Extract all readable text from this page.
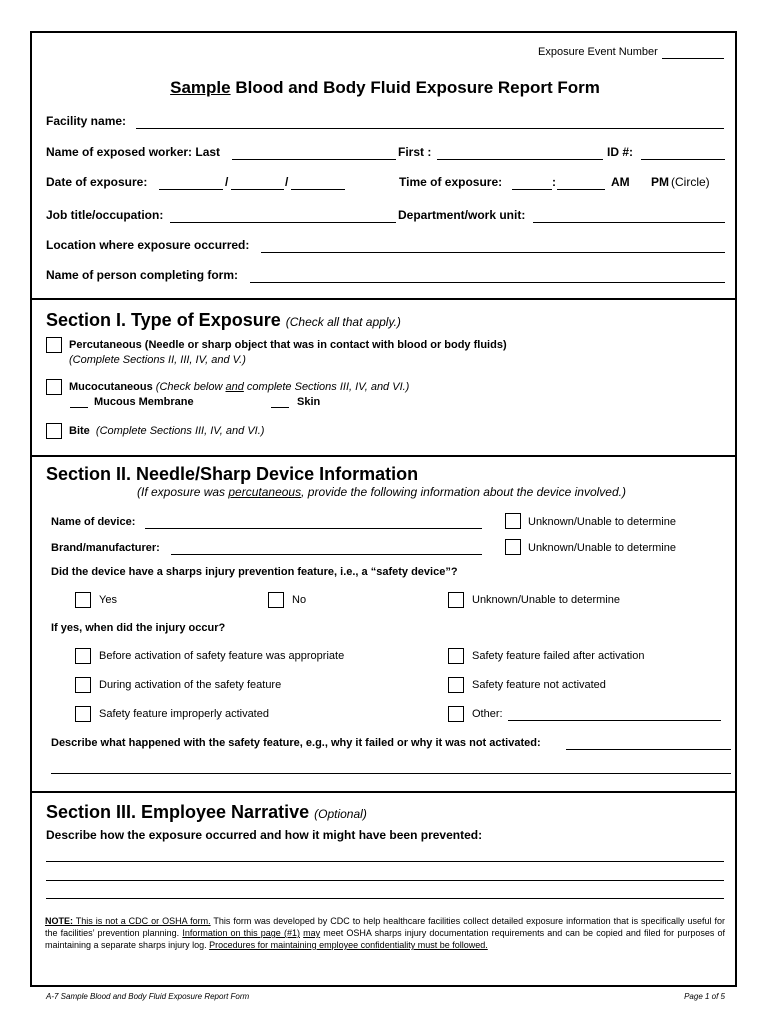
Exposure Event Number
Sample Blood and Body Fluid Exposure Report Form
Facility name:
Name of exposed worker: Last	First :	ID #:
Date of exposure:	/	/	Time of exposure:	:	AM PM (Circle)
Job title/occupation:	Department/work unit:
Location where exposure occurred:
Name of person completing form:
Section I. Type of Exposure (Check all that apply.)
Percutaneous (Needle or sharp object that was in contact with blood or body fluids)
(Complete Sections II, III, IV, and V.)
Mucocutaneous (Check below and complete Sections III, IV, and VI.)
Mucous Membrane	Skin
Bite (Complete Sections III, IV, and VI.)
Section II. Needle/Sharp Device Information
(If exposure was percutaneous, provide the following information about the device involved.)
Name of device:	Unknown/Unable to determine
Brand/manufacturer:	Unknown/Unable to determine
Did the device have a sharps injury prevention feature, i.e., a “safety device”?
Yes	No	Unknown/Unable to determine
If yes, when did the injury occur?
Before activation of safety feature was appropriate	Safety feature failed after activation
During activation of the safety feature	Safety feature not activated
Safety feature improperly activated	Other:
Describe what happened with the safety feature, e.g., why it failed or why it was not activated:
Section III. Employee Narrative (Optional)
Describe how the exposure occurred and how it might have been prevented:
NOTE: This is not a CDC or OSHA form. This form was developed by CDC to help healthcare facilities collect detailed exposure information that is specifically useful for the facilities’ prevention planning. Information on this page (#1) may meet OSHA sharps injury documentation requirements and can be copied and filed for purposes of maintaining a separate sharps injury log. Procedures for maintaining employee confidentiality must be followed.
A-7 Sample Blood and Body Fluid Exposure Report Form	Page 1 of 5
